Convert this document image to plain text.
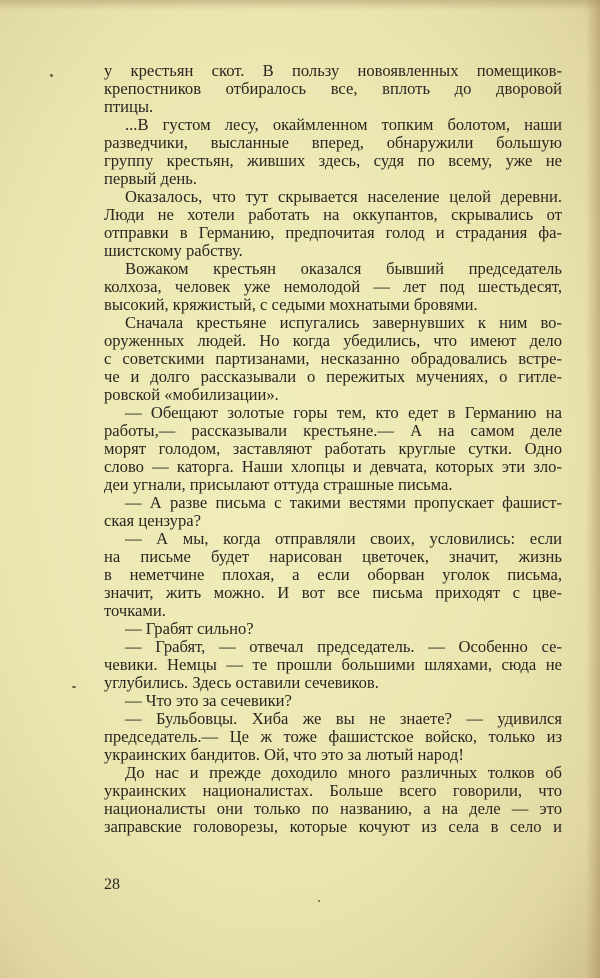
у крестьян скот. В пользу новоявленных помещиков-
крепостников отбиралось все, вплоть до дворовой
птицы.
...В густом лесу, окаймленном топким болотом, наши
разведчики, высланные вперед, обнаружили большую
группу крестьян, живших здесь, судя по всему, уже не
первый день.
Оказалось, что тут скрывается население целой деревни.
Люди не хотели работать на оккупантов, скрывались от
отправки в Германию, предпочитая голод и страдания фа-
шистскому рабству.
Вожаком крестьян оказался бывший председатель
колхоза, человек уже немолодой — лет под шестьдесят,
высокий, кряжистый, с седыми мохнатыми бровями.
Сначала крестьяне испугались завернувших к ним во-
оруженных людей. Но когда убедились, что имеют дело
с советскими партизанами, несказанно обрадовались встре-
че и долго рассказывали о пережитых мучениях, о гитле-
ровской «мобилизации».
— Обещают золотые горы тем, кто едет в Германию на
работы,— рассказывали крестьяне.— А на самом деле
морят голодом, заставляют работать круглые сутки. Одно
слово — каторга. Наши хлопцы и девчата, которых эти зло-
деи угнали, присылают оттуда страшные письма.
— А разве письма с такими вестями пропускает фашист-
ская цензура?
— А мы, когда отправляли своих, условились: если
на письме будет нарисован цветочек, значит, жизнь
в неметчине плохая, а если оборван уголок письма,
значит, жить можно. И вот все письма приходят с цве-
точками.
— Грабят сильно?
— Грабят, — отвечал председатель. — Особенно се-
чевики. Немцы — те прошли большими шляхами, сюда не
углубились. Здесь оставили сечевиков.
— Что это за сечевики?
— Бульбовцы. Хиба же вы не знаете? — удивился
председатель.— Це ж тоже фашистское войско, только из
украинских бандитов. Ой, что это за лютый народ!
До нас и прежде доходило много различных толков об
украинских националистах. Больше всего говорили, что
националисты они только по названию, а на деле — это
заправские головорезы, которые кочуют из села в село и
28
